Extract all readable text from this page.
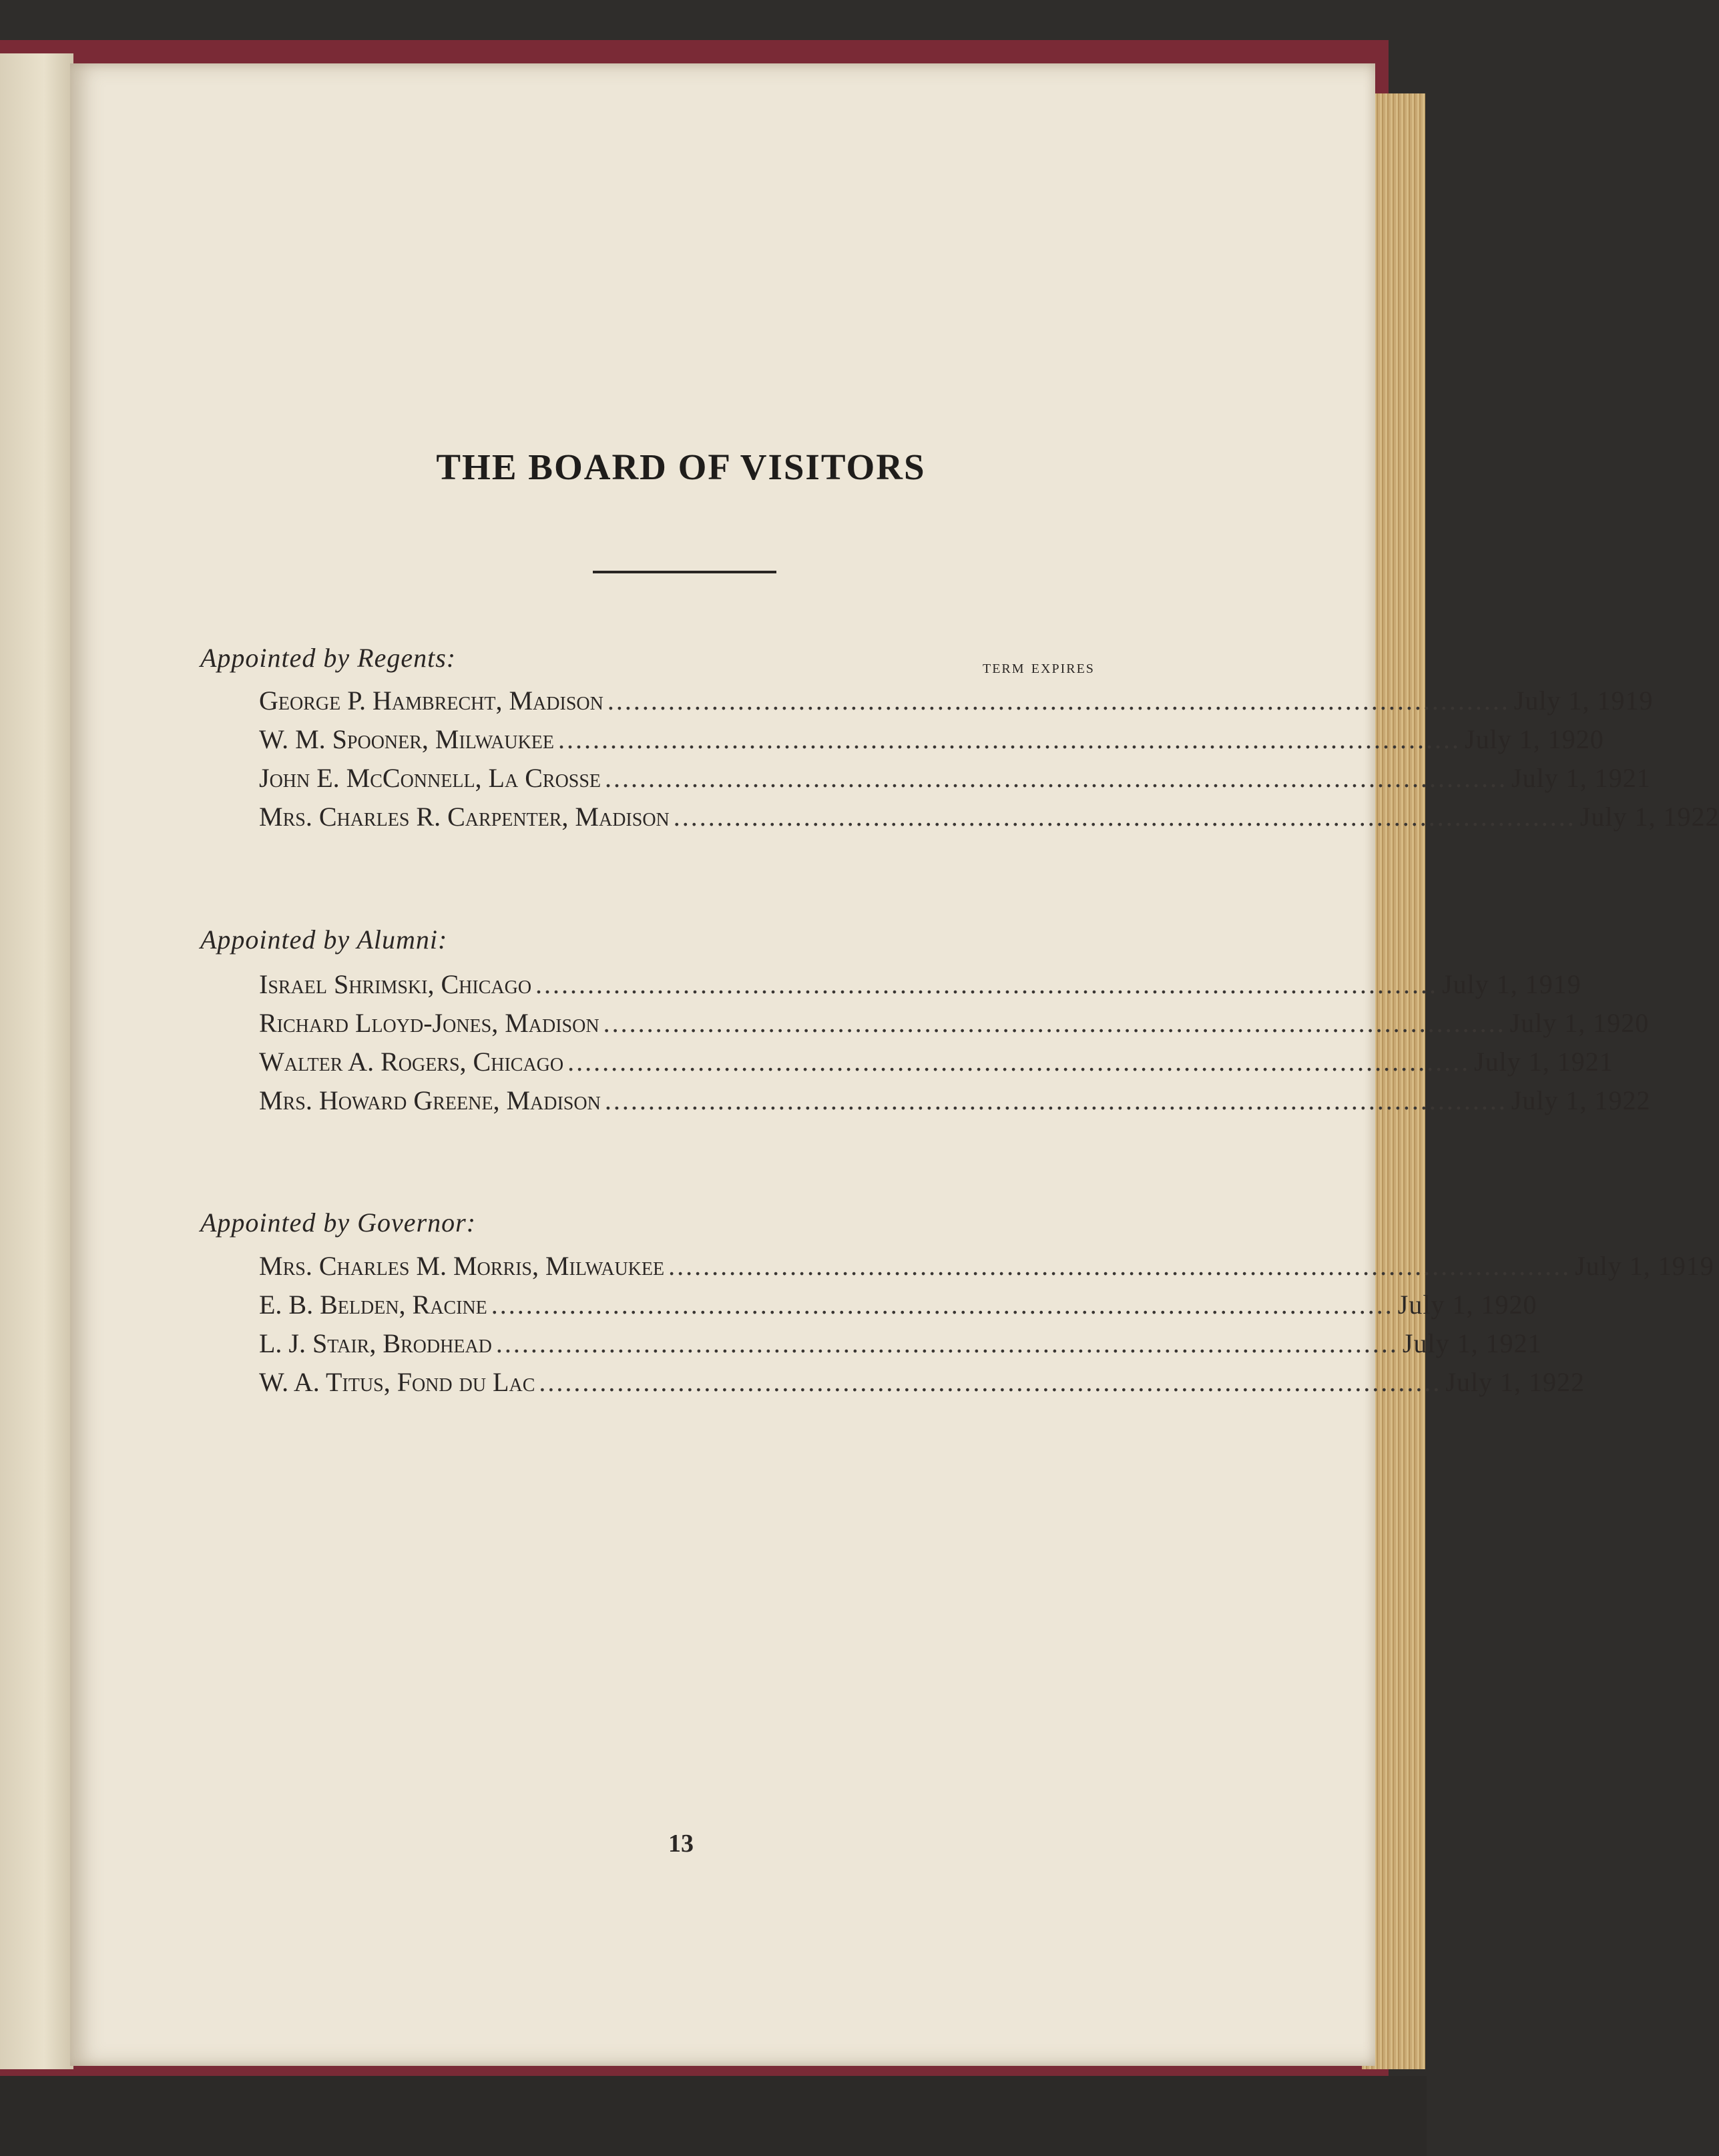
THE BOARD OF VISITORS
term expires
Appointed by Regents:
George P. Hambrecht, Madison ........................................................................................................ July 1, 1919
W. M. Spooner, Milwaukee ........................................................................................................ July 1, 1920
John E. McConnell, La Crosse ........................................................................................................ July 1, 1921
Mrs. Charles R. Carpenter, Madison ........................................................................................................ July 1, 1922
Appointed by Alumni:
Israel Shrimski, Chicago ........................................................................................................ July 1, 1919
Richard Lloyd-Jones, Madison ........................................................................................................ July 1, 1920
Walter A. Rogers, Chicago ........................................................................................................ July 1, 1921
Mrs. Howard Greene, Madison ........................................................................................................ July 1, 1922
Appointed by Governor:
Mrs. Charles M. Morris, Milwaukee ........................................................................................................ July 1, 1919
E. B. Belden, Racine ........................................................................................................ July 1, 1920
L. J. Stair, Brodhead ........................................................................................................ July 1, 1921
W. A. Titus, Fond du Lac ........................................................................................................ July 1, 1922
13
